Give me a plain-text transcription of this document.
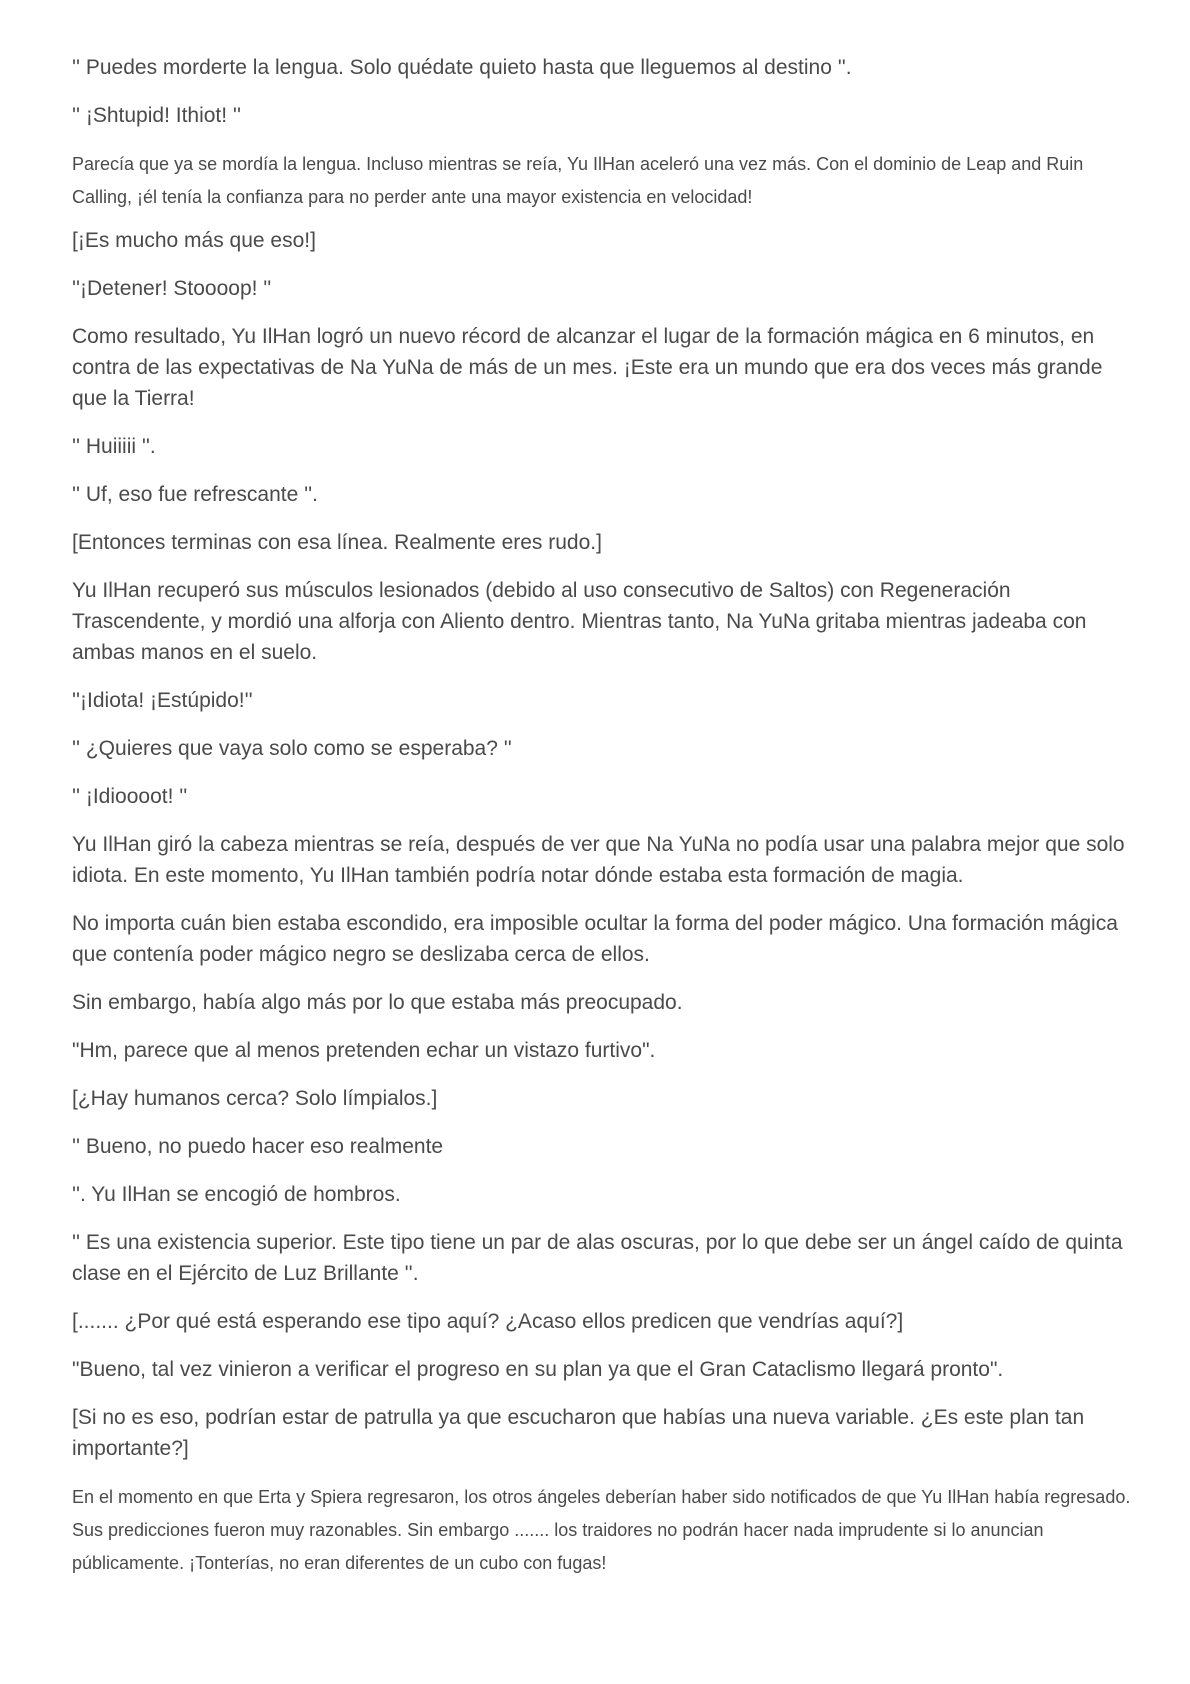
'' Puedes morderte la lengua. Solo quédate quieto hasta que lleguemos al destino ''.

'' ¡Shtupid! Ithiot! ''

Parecía que ya se mordía la lengua. Incluso mientras se reía, Yu IlHan aceleró una vez más. Con el dominio de Leap and Ruin Calling, ¡él tenía la confianza para no perder ante una mayor existencia en velocidad!

[¡Es mucho más que eso!]

''¡Detener! Stoooop! ''

Como resultado, Yu IlHan logró un nuevo récord de alcanzar el lugar de la formación mágica en 6 minutos, en contra de las expectativas de Na YuNa de más de un mes. ¡Este era un mundo que era dos veces más grande que la Tierra!

'' Huiiiii ''.

'' Uf, eso fue refrescante ''.

[Entonces terminas con esa línea. Realmente eres rudo.]

Yu IlHan recuperó sus músculos lesionados (debido al uso consecutivo de Saltos) con Regeneración Trascendente, y mordió una alforja con Aliento dentro. Mientras tanto, Na YuNa gritaba mientras jadeaba con ambas manos en el suelo.

''¡Idiota! ¡Estúpido!''

'' ¿Quieres que vaya solo como se esperaba? ''

'' ¡Idioooot! ''

Yu IlHan giró la cabeza mientras se reía, después de ver que Na YuNa no podía usar una palabra mejor que solo idiota. En este momento, Yu IlHan también podría notar dónde estaba esta formación de magia.

No importa cuán bien estaba escondido, era imposible ocultar la forma del poder mágico. Una formación mágica que contenía poder mágico negro se deslizaba cerca de ellos.

Sin embargo, había algo más por lo que estaba más preocupado.

"Hm, parece que al menos pretenden echar un vistazo furtivo".

[¿Hay humanos cerca? Solo límpialos.]

'' Bueno, no puedo hacer eso realmente

''. Yu IlHan se encogió de hombros.

'' Es una existencia superior. Este tipo tiene un par de alas oscuras, por lo que debe ser un ángel caído de quinta clase en el Ejército de Luz Brillante ''.

[....... ¿Por qué está esperando ese tipo aquí? ¿Acaso ellos predicen que vendrías aquí?]

"Bueno, tal vez vinieron a verificar el progreso en su plan ya que el Gran Cataclismo llegará pronto".

[Si no es eso, podrían estar de patrulla ya que escucharon que habías una nueva variable. ¿Es este plan tan importante?]

En el momento en que Erta y Spiera regresaron, los otros ángeles deberían haber sido notificados de que Yu IlHan había regresado. Sus predicciones fueron muy razonables. Sin embargo ....... los traidores no podrán hacer nada imprudente si lo anuncian públicamente. ¡Tonterías, no eran diferentes de un cubo con fugas!
